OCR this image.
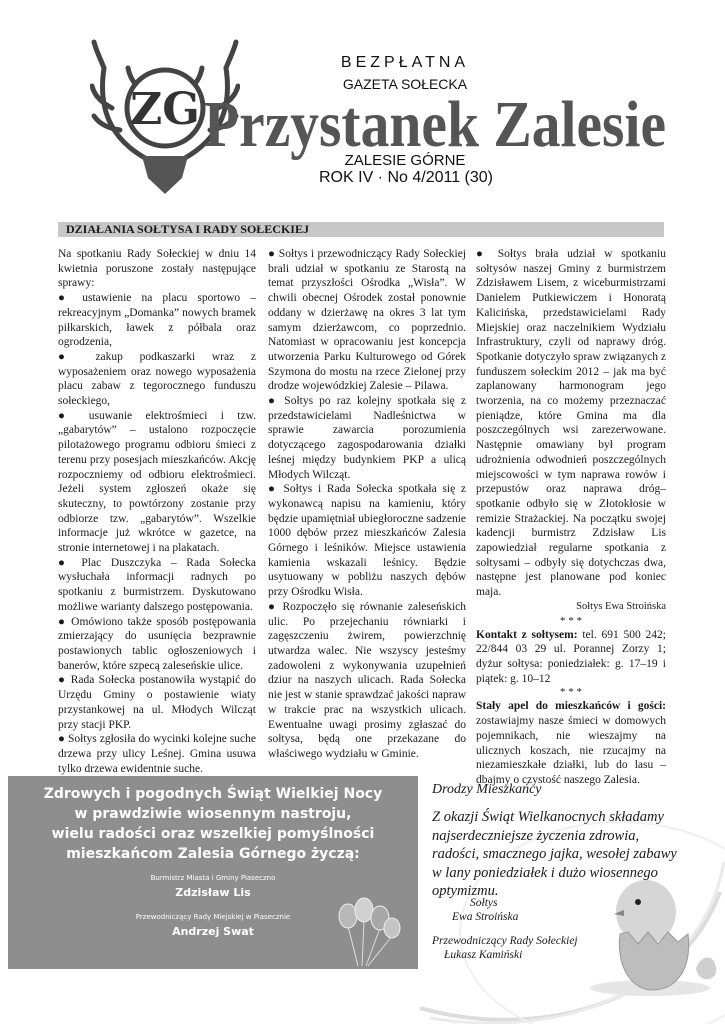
ZG
BEZPŁATNA
GAZETA SOŁECKA
Przystanek Zalesie
ZALESIE GÓRNE
ROK IV · No 4/2011 (30)
DZIAŁANIA SOŁTYSA I RADY SOŁECKIEJ

Na spotkaniu Rady Sołeckiej w dniu 14 kwietnia poruszone zostały następujące sprawy:

● ustawienie na placu sportowo – rekreacyjnym „Domanka” nowych bramek piłkarskich, ławek z półbala oraz ogrodzenia,

● zakup podkaszarki wraz z wyposażeniem oraz nowego wyposażenia placu zabaw z tegorocznego funduszu sołeckiego,

● usuwanie elektrośmieci i tzw. „gabarytów” – ustalono rozpoczęcie pilotażowego programu odbioru śmieci z terenu przy posesjach mieszkańców. Akcję rozpoczniemy od odbioru elektrośmieci. Jeżeli system zgłoszeń okaże się skuteczny, to powtórzony zostanie przy odbiorze tzw. „gabarytów”. Wszelkie informacje już wkrótce w gazetce, na stronie internetowej i na plakatach.

● Plac Duszczyka – Rada Sołecka wysłuchała informacji radnych po spotkaniu z burmistrzem. Dyskutowano możliwe warianty dalszego postępowania.

● Omówiono także sposób postępowania zmierzający do usunięcia bezprawnie postawionych tablic ogłoszeniowych i banerów, które szpecą zaleseńskie ulice.

● Rada Sołecka postanowiła wystąpić do Urzędu Gminy o postawienie wiaty przystankowej na ul. Młodych Wilcząt przy stacji PKP.

● Sołtys zgłosiła do wycinki kolejne suche drzewa przy ulicy Leśnej. Gmina usuwa tylko drzewa ewidentnie suche.

● Sołtys i przewodniczący Rady Sołeckiej brali udział w spotkaniu ze Starostą na temat przyszłości Ośrodka „Wisła”. W chwili obecnej Ośrodek został ponownie oddany w dzierżawę na okres 3 lat tym samym dzierżawcom, co poprzednio. Natomiast w opracowaniu jest koncepcja utworzenia Parku Kulturowego od Górek Szymona do mostu na rzece Zielonej przy drodze wojewódzkiej Zalesie – Pilawa.

● Sołtys po raz kolejny spotkała się z przedstawicielami Nadleśnictwa w sprawie zawarcia porozumienia dotyczącego zagospodarowania działki leśnej między budynkiem PKP a ulicą Młodych Wilcząt.

● Sołtys i Rada Sołecka spotkała się z wykonawcą napisu na kamieniu, który będzie upamiętniał ubiegłoroczne sadzenie 1000 dębów przez mieszkańców Zalesia Górnego i leśników. Miejsce ustawienia kamienia wskazali leśnicy. Będzie usytuowany w pobliżu naszych dębów przy Ośrodku Wisła.

● Rozpoczęło się równanie zaleseńskich ulic. Po przejechaniu równiarki i zagęszczeniu żwirem, powierzchnię utwardza walec. Nie wszyscy jesteśmy zadowoleni z wykonywania uzupełnień dziur na naszych ulicach. Rada Sołecka nie jest w stanie sprawdzać jakości napraw w trakcie prac na wszystkich ulicach. Ewentualne uwagi prosimy zgłaszać do sołtysa, będą one przekazane do właściwego wydziału w Gminie.

● Sołtys brała udział w spotkaniu sołtysów naszej Gminy z burmistrzem Zdzisławem Lisem, z wiceburmistrzami Danielem Putkiewiczem i Honoratą Kalicińska, przedstawicielami Rady Miejskiej oraz naczelnikiem Wydziału Infrastruktury, czyli od naprawy dróg. Spotkanie dotyczyło spraw związanych z funduszem sołeckim 2012 – jak ma być zaplanowany harmonogram jego tworzenia, na co możemy przeznaczać pieniądze, które Gmina ma dla poszczególnych wsi zarezerwowane. Następnie omawiany był program udrożnienia odwodnień poszczególnych miejscowości w tym naprawa rowów i przepustów oraz naprawa dróg– spotkanie odbyło się w Złotokłosie w remizie Strażackiej. Na początku swojej kadencji burmistrz Zdzisław Lis zapowiedział regularne spotkania z sołtysami – odbyły się dotychczas dwa, następne jest planowane pod koniec maja.

Sołtys Ewa Stroińska

* * *

Kontakt z sołtysem: tel. 691 500 242; 22/844 03 29 ul. Porannej Zorzy 1; dyżur sołtysa: poniedziałek: g. 17–19 i piątek: g. 10–12

* * *

Stały apel do mieszkańców i gości: zostawiajmy nasze śmieci w domowych pojemnikach, nie wieszajmy na ulicznych koszach, nie rzucajmy na niezamieszkałe działki, lub do lasu – dbajmy o czystość naszego Zalesia.

Zdrowych i pogodnych Świąt Wielkiej Nocy
w prawdziwie wiosennym nastroju,
wielu radości oraz wszelkiej pomyślności
mieszkańcom Zalesia Górnego życzą:
Burmistrz Miasta i Gminy Piaseczno
Zdzisław Lis
Przewodniczący Rady Miejskiej w Piasecznie
Andrzej Swat
Drodzy Mieszkańcy
Z okazji Świąt Wielkanocnych składamy najserdeczniejsze życzenia zdrowia, radości, smacznego jajka, wesołej zabawy w lany poniedziałek i dużo wiosennego optymizmu.
Sołtys
Ewa Stroińska
Przewodniczący Rady Sołeckiej
Łukasz Kamiński
